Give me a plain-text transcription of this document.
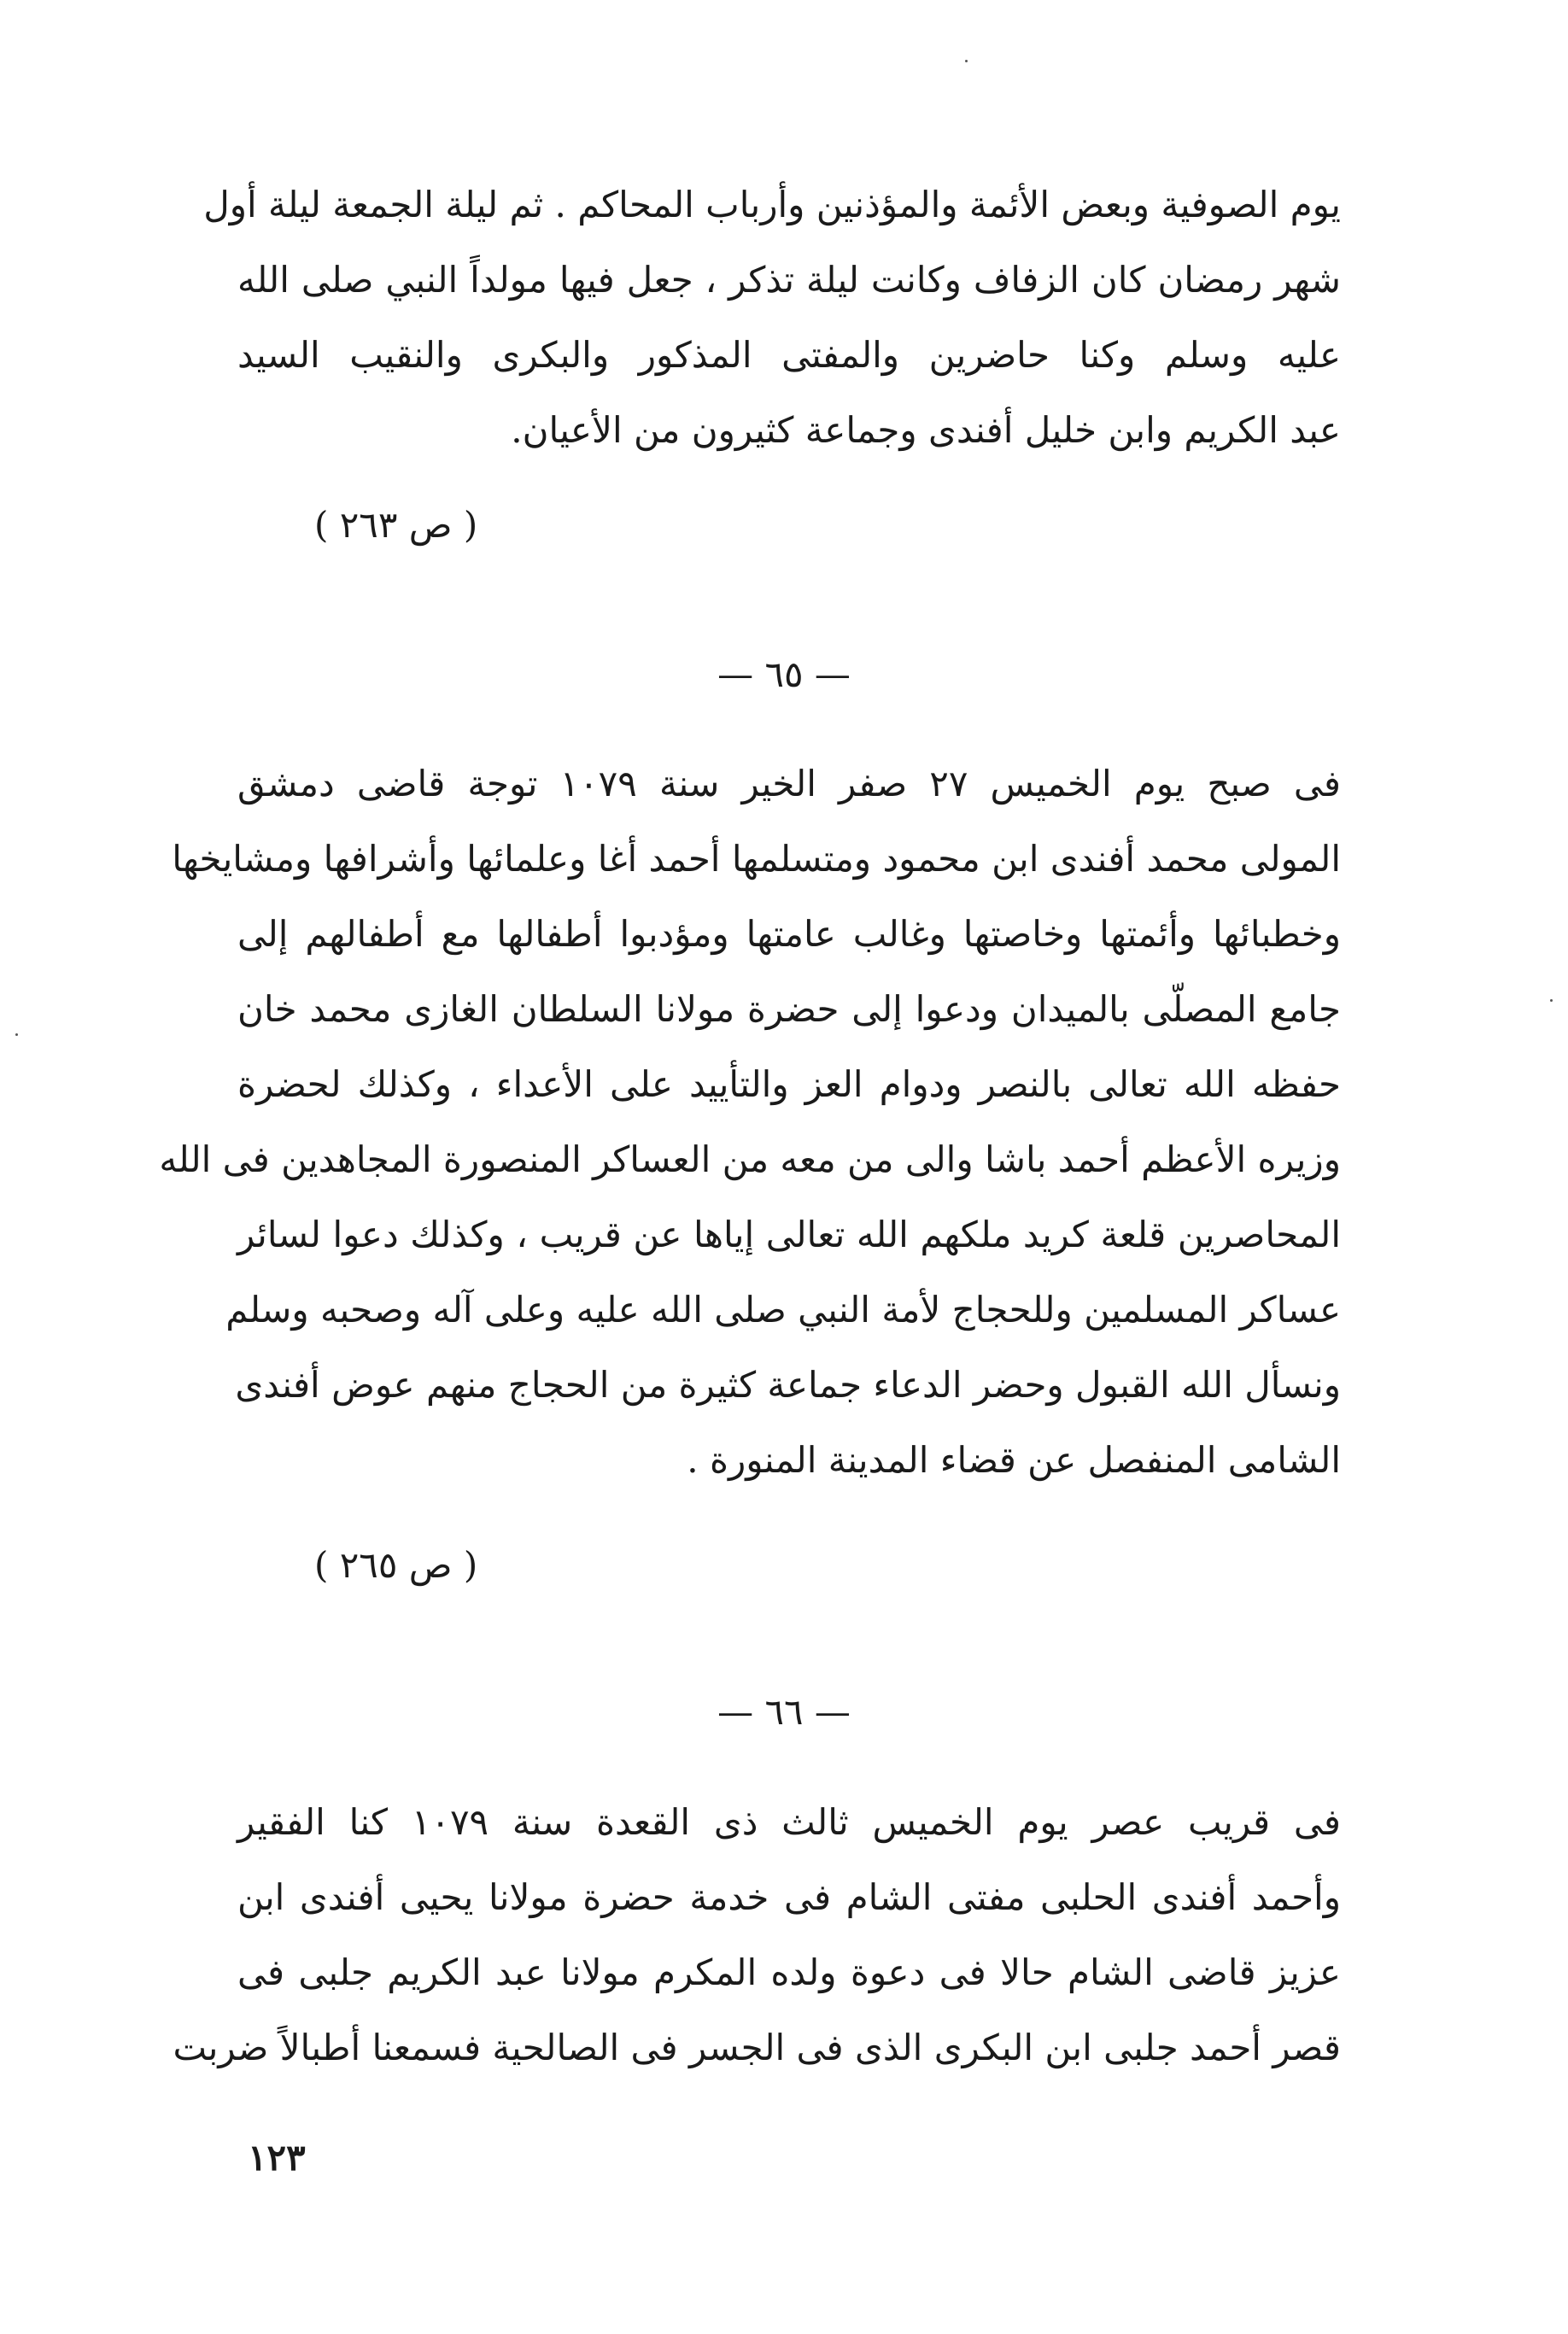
يوم الصوفية وبعض الأئمة والمؤذنين وأرباب المحاكم . ثم ليلة الجمعة ليلة أول
شهر رمضان كان الزفاف وكانت ليلة تذكر ، جعل فيها مولداً النبي صلى الله
عليه وسلم وكنا حاضرين والمفتى المذكور والبكرى والنقيب السيد
عبد الكريم وابن خليل أفندى وجماعة كثيرون من الأعيان.
( ص ٢٦٣ )
— ٦٥ —
فى صبح يوم الخميس ٢٧ صفر الخير سنة ١٠٧٩ توجة قاضى دمشق
المولى محمد أفندى ابن محمود ومتسلمها أحمد أغا وعلمائها وأشرافها ومشايخها
وخطبائها وأئمتها وخاصتها وغالب عامتها ومؤدبوا أطفالها مع أطفالهم إلى
جامع المصلّى بالميدان ودعوا إلى حضرة مولانا السلطان الغازى محمد خان
حفظه الله تعالى بالنصر ودوام العز والتأييد على الأعداء ، وكذلك لحضرة
وزيره الأعظم أحمد باشا والى من معه من العساكر المنصورة المجاهدين فى الله
المحاصرين قلعة كريد ملكهم الله تعالى إياها عن قريب ، وكذلك دعوا لسائر
عساكر المسلمين وللحجاج لأمة النبي صلى الله عليه وعلى آله وصحبه وسلم
ونسأل الله القبول وحضر الدعاء جماعة كثيرة من الحجاج منهم عوض أفندى
الشامى المنفصل عن قضاء المدينة المنورة .
( ص ٢٦٥ )
— ٦٦ —
فى قريب عصر يوم الخميس ثالث ذى القعدة سنة ١٠٧٩ كنا الفقير
وأحمد أفندى الحلبى مفتى الشام فى خدمة حضرة مولانا يحيى أفندى ابن
عزيز قاضى الشام حالا فى دعوة ولده المكرم مولانا عبد الكريم جلبى فى
قصر أحمد جلبى ابن البكرى الذى فى الجسر فى الصالحية فسمعنا أطبالاً ضربت
١٢٣
